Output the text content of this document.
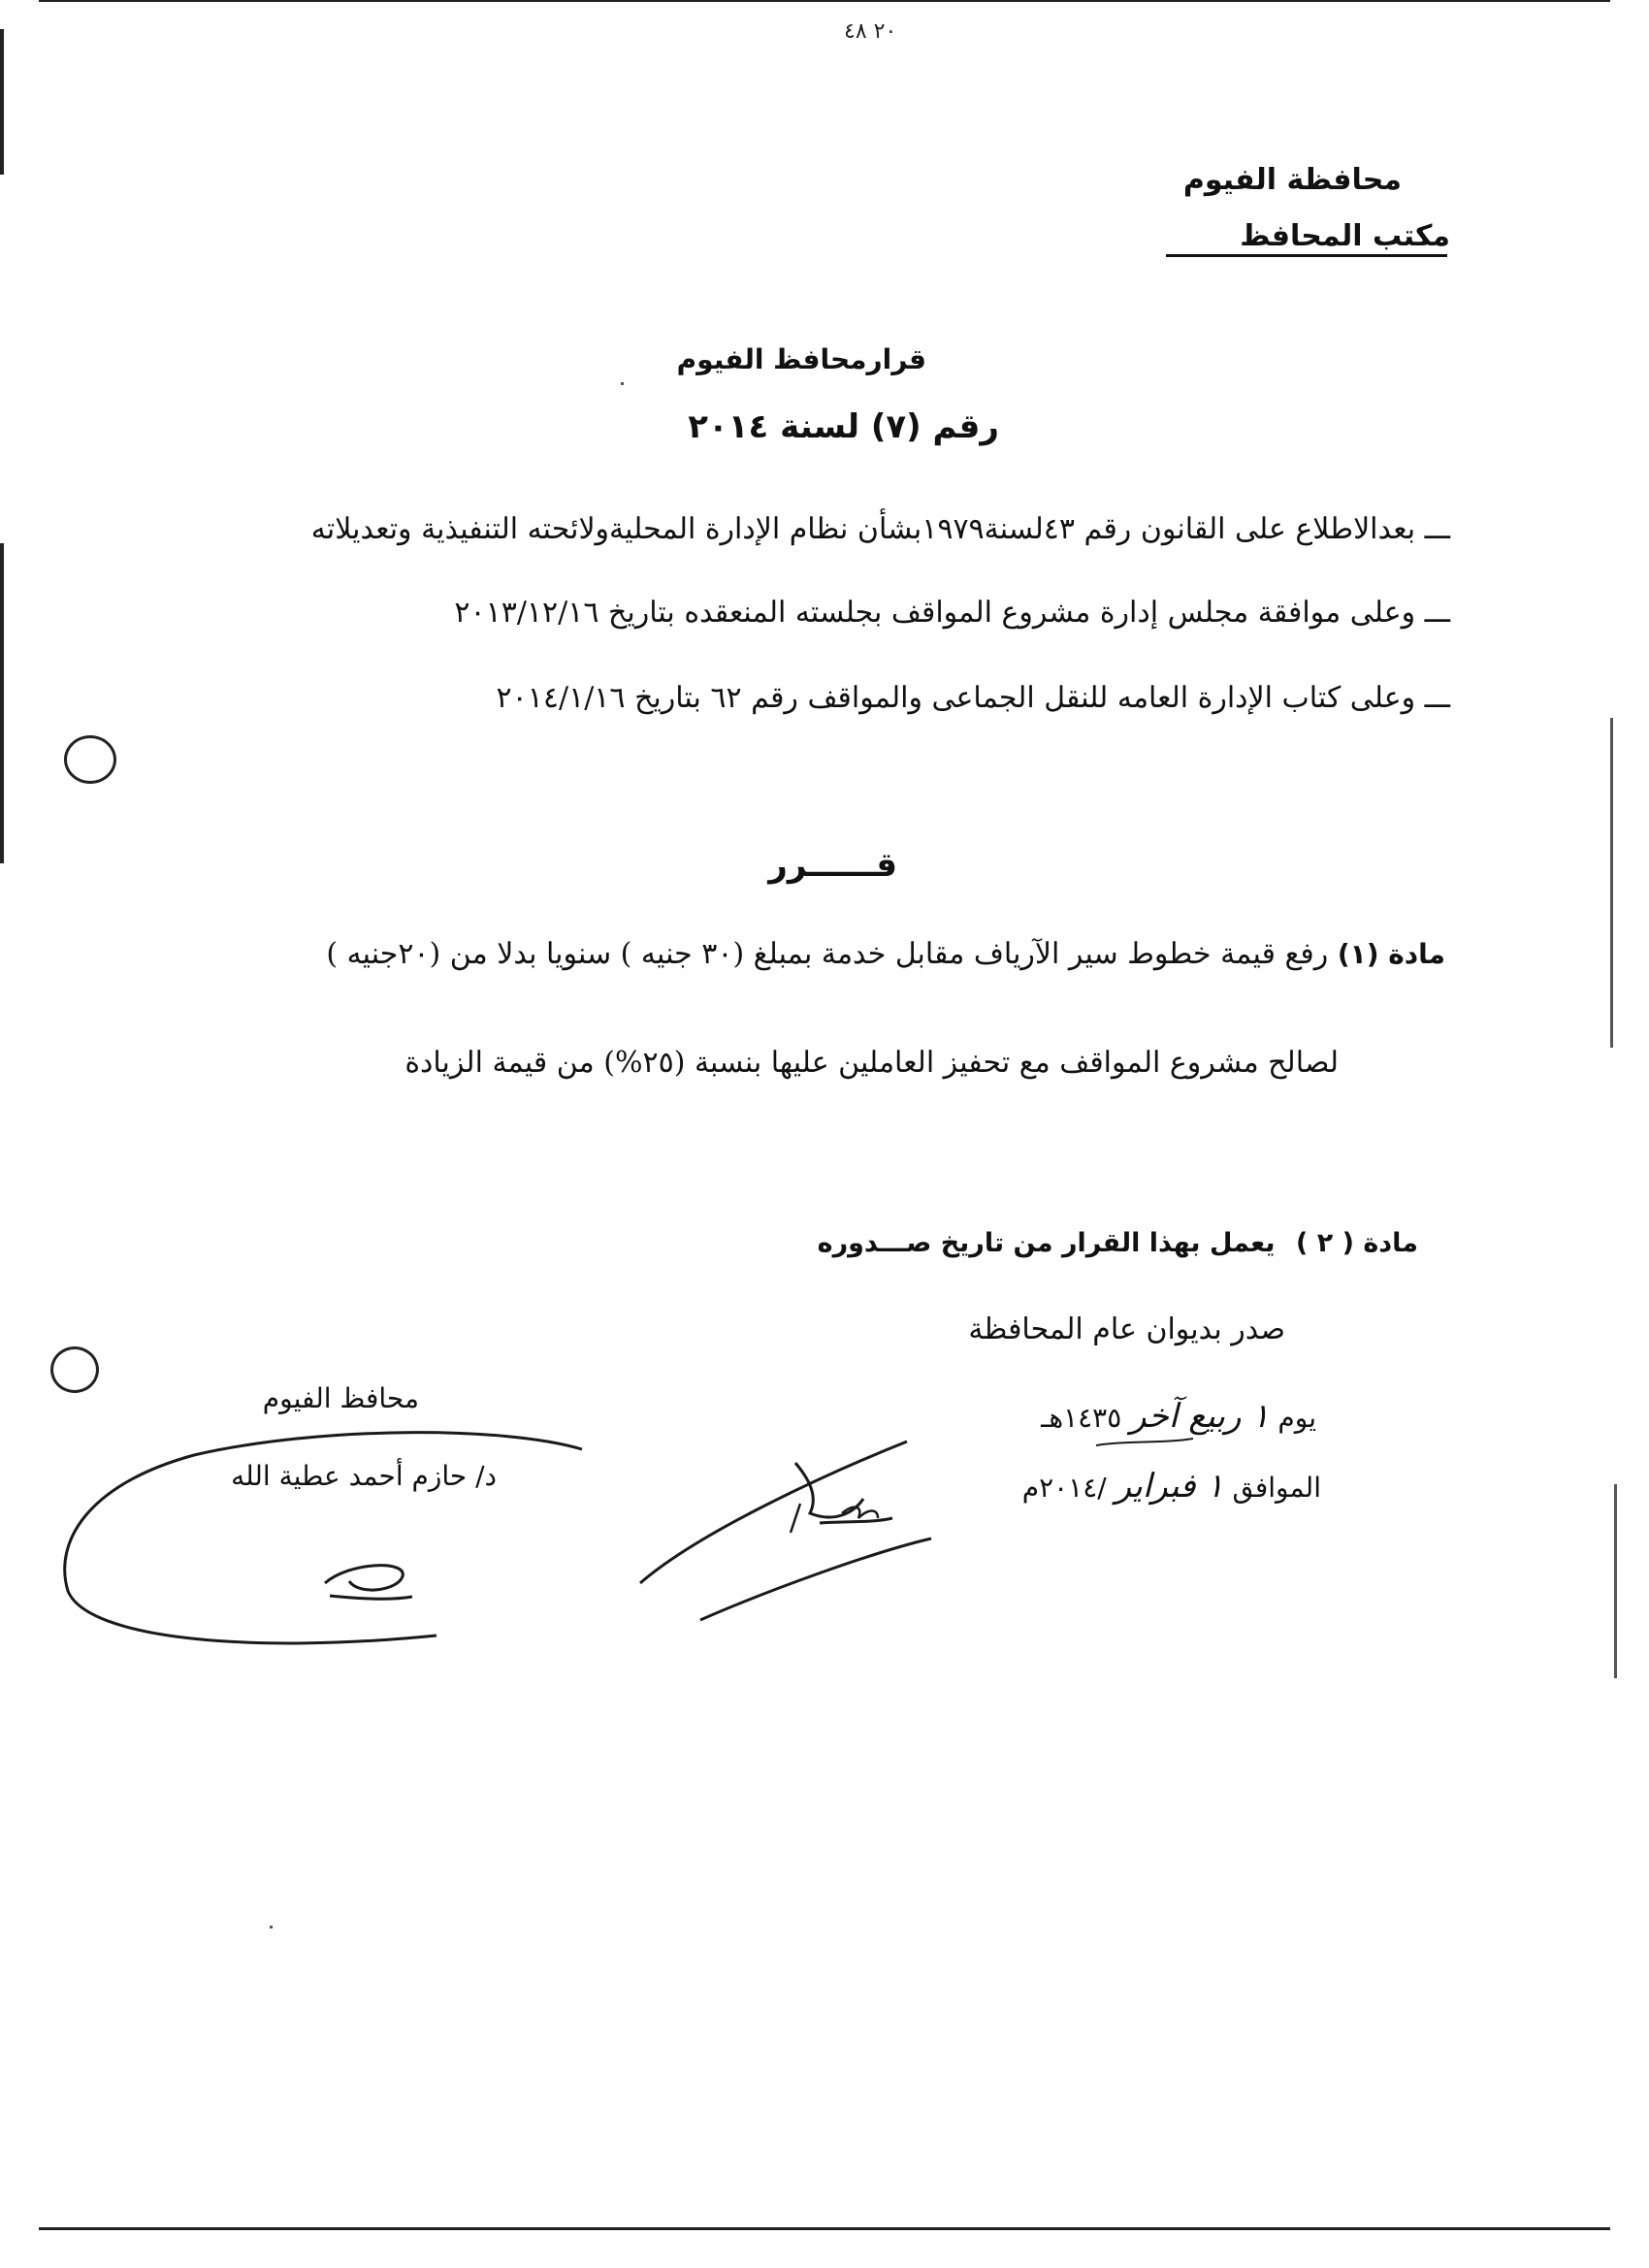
٢٠ ٤٨
محافظة الفيوم
مكتب المحافظ
قرارمحافظ الفيوم
رقم (٧) لسنة ٢٠١٤
ـــ بعدالاطلاع على القانون رقم ٤٣لسنة١٩٧٩بشأن نظام الإدارة المحليةولائحته التنفيذية وتعديلاته
ـــ وعلى موافقة مجلس إدارة مشروع المواقف بجلسته المنعقده بتاريخ ٢٠١٣/١٢/١٦
ـــ وعلى كتاب الإدارة العامه للنقل الجماعى والمواقف رقم ٦٢ بتاريخ ٢٠١٤/١/١٦
قــــــرر
مادة (١) رفع قيمة خطوط سير الآرياف مقابل خدمة بمبلغ (٣٠ جنيه ) سنويا بدلا من (٢٠جنيه )
لصالح مشروع المواقف مع تحفيز العاملين عليها بنسبة (٢٥%) من قيمة الزيادة
مادة ( ٢ ) يعمل بهذا القرار من تاريخ صـــدوره
صدر بديوان عام المحافظة
يوم ١ ربيع آخر ١٤٣٥هـ
الموافق ١ فبراير /٢٠١٤م
محافظ الفيوم
د/ حازم أحمد عطية الله
